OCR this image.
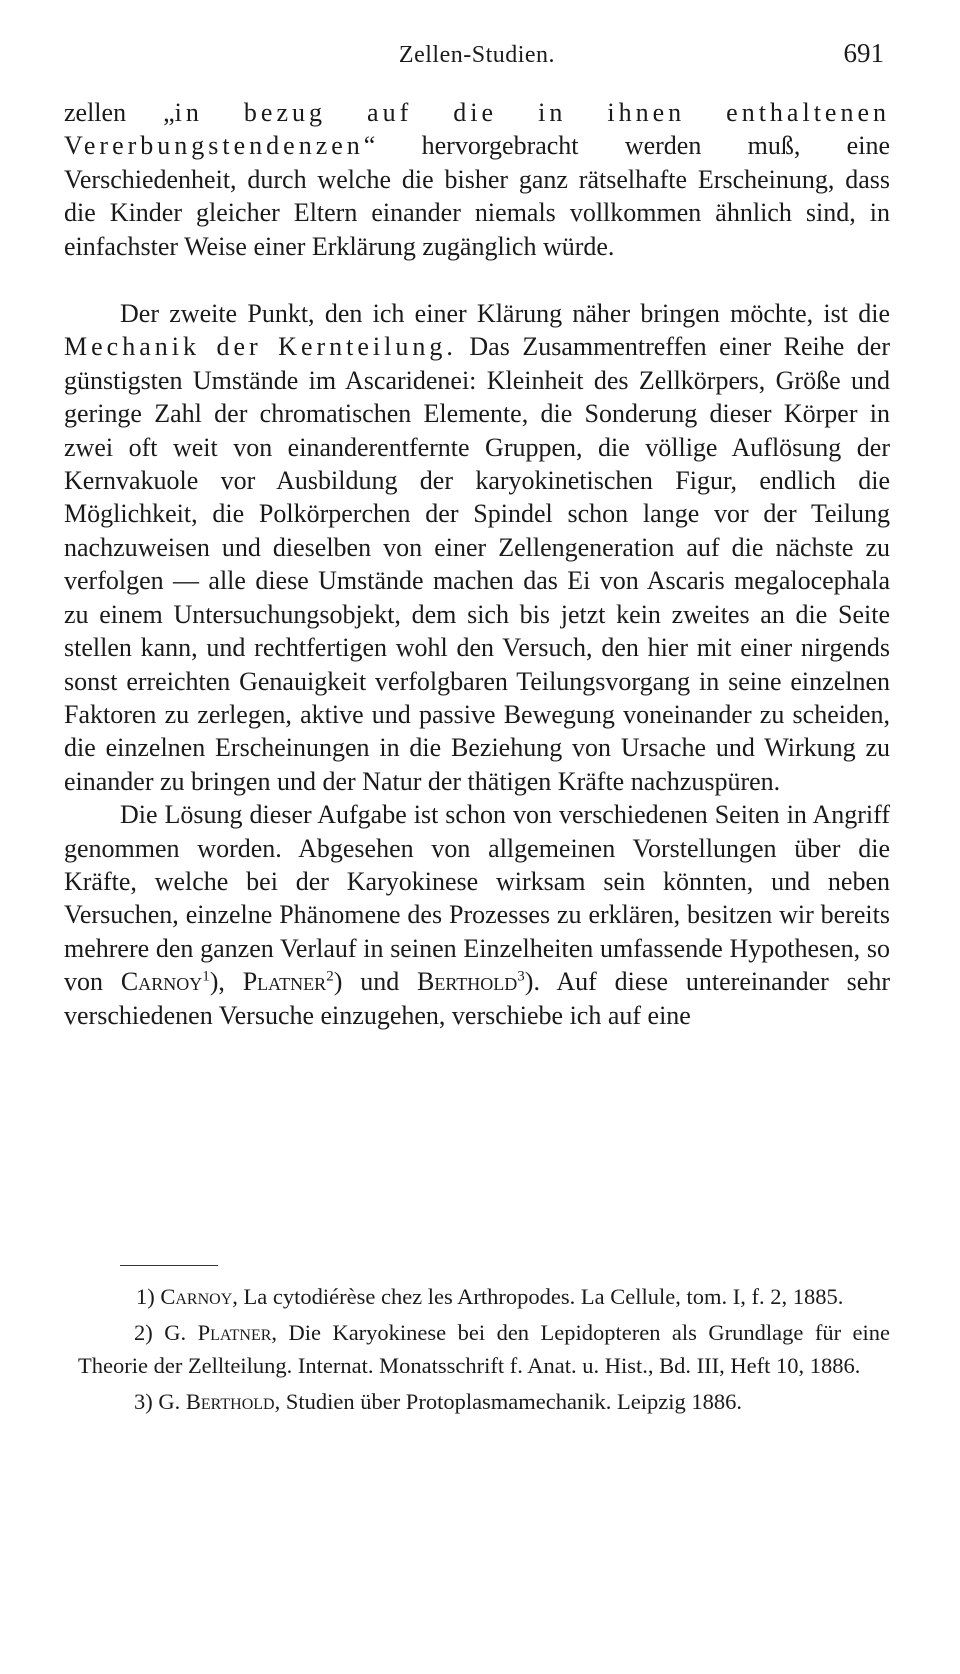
Zellen-Studien.	691

zellen „in bezug auf die in ihnen enthaltenen Vererbungstendenzen“ hervorgebracht werden muß, eine Verschiedenheit, durch welche die bisher ganz rätselhafte Erscheinung, dass die Kinder gleicher Eltern einander niemals vollkommen ähnlich sind, in einfachster Weise einer Erklärung zugänglich würde.

Der zweite Punkt, den ich einer Klärung näher bringen möchte, ist die Mechanik der Kernteilung. Das Zusammentreffen einer Reihe der günstigsten Umstände im Ascaridenei: Kleinheit des Zellkörpers, Größe und geringe Zahl der chromatischen Elemente, die Sonderung dieser Körper in zwei oft weit von einanderentfernte Gruppen, die völlige Auflösung der Kernvakuole vor Ausbildung der karyokinetischen Figur, endlich die Möglichkeit, die Polkörperchen der Spindel schon lange vor der Teilung nachzuweisen und dieselben von einer Zellengeneration auf die nächste zu verfolgen — alle diese Umstände machen das Ei von Ascaris megalocephala zu einem Untersuchungsobjekt, dem sich bis jetzt kein zweites an die Seite stellen kann, und rechtfertigen wohl den Versuch, den hier mit einer nirgends sonst erreichten Genauigkeit verfolgbaren Teilungsvorgang in seine einzelnen Faktoren zu zerlegen, aktive und passive Bewegung voneinander zu scheiden, die einzelnen Erscheinungen in die Beziehung von Ursache und Wirkung zu einander zu bringen und der Natur der thätigen Kräfte nachzuspüren.

Die Lösung dieser Aufgabe ist schon von verschiedenen Seiten in Angriff genommen worden. Abgesehen von allgemeinen Vorstellungen über die Kräfte, welche bei der Karyokinese wirksam sein könnten, und neben Versuchen, einzelne Phänomene des Prozesses zu erklären, besitzen wir bereits mehrere den ganzen Verlauf in seinen Einzelheiten umfassende Hypothesen, so von Carnoy$^1$), Platner$^2$) und Berthold$^3$). Auf diese untereinander sehr verschiedenen Versuche einzugehen, verschiebe ich auf eine

1) Carnoy, La cytodiérèse chez les Arthropodes. La Cellule, tom. I, f. 2, 1885.

2) G. Platner, Die Karyokinese bei den Lepidopteren als Grundlage für eine Theorie der Zellteilung. Internat. Monatsschrift f. Anat. u. Hist., Bd. III, Heft 10, 1886.

3) G. Berthold, Studien über Protoplasmamechanik. Leipzig 1886.
